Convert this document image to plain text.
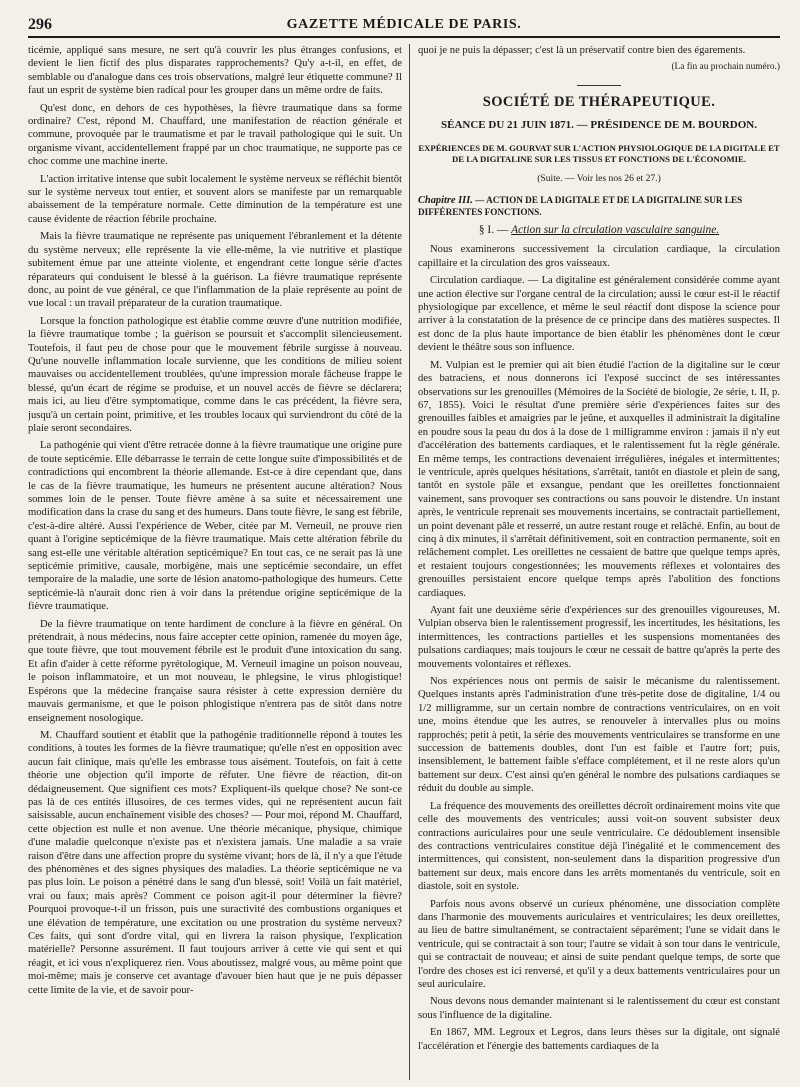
296	GAZETTE MÉDICALE DE PARIS.

ticémie, appliqué sans mesure, ne sert qu'à couvrir les plus étranges confusions, et devient le lien fictif des plus disparates rapprochements? Qu'y a-t-il, en effet, de semblable ou d'analogue dans ces trois observations, malgré leur étiquette commune? Il faut un esprit de système bien radical pour les grouper dans un même ordre de faits.

Qu'est donc, en dehors de ces hypothèses, la fièvre traumatique dans sa forme ordinaire? C'est, répond M. Chauffard, une manifestation de réaction générale et commune, provoquée par le traumatisme et par le travail pathologique qui le suit. Un organisme vivant, accidentellement frappé par un choc traumatique, ne supporte pas ce choc comme une machine inerte.

L'action irritative intense que subit localement le système nerveux se réfléchit bientôt sur le système nerveux tout entier, et souvent alors se manifeste par un remarquable abaissement de la température normale. Cette diminution de la température est une cause évidente de réaction fébrile prochaine.

Mais la fièvre traumatique ne représente pas uniquement l'ébranlement et la détente du système nerveux; elle représente la vie elle-même, la vie nutritive et plastique subitement émue par une atteinte violente, et engendrant cette longue série d'actes réparateurs qui conduisent le blessé à la guérison. La fièvre traumatique représente donc, au point de vue général, ce que l'inflammation de la plaie représente au point de vue local : un travail préparateur de la curation traumatique.

Lorsque la fonction pathologique est établie comme œuvre d'une nutrition modifiée, la fièvre traumatique tombe ; la guérison se poursuit et s'accomplit silencieusement. Toutefois, il faut peu de chose pour que le mouvement fébrile surgisse à nouveau. Qu'une nouvelle inflammation locale survienne, que les conditions de milieu soient mauvaises ou accidentellement troublées, qu'une impression morale fâcheuse frappe le blessé, qu'un écart de régime se produise, et un nouvel accès de fièvre se déclarera; mais ici, au lieu d'être symptomatique, comme dans le cas précédent, la fièvre sera, jusqu'à un certain point, primitive, et les troubles locaux qui surviendront du côté de la plaie seront secondaires.

La pathogénie qui vient d'être retracée donne à la fièvre traumatique une origine pure de toute septicémie. Elle débarrasse le terrain de cette longue suite d'impossibilités et de contradictions qui encombrent la théorie allemande. Est-ce à dire cependant que, dans le cas de la fièvre traumatique, les humeurs ne présentent aucune altération? Nous sommes loin de le penser. Toute fièvre amène à sa suite et nécessairement une modification dans la crase du sang et des humeurs. Dans toute fièvre, le sang est fébrile, c'est-à-dire altéré. Aussi l'expérience de Weber, citée par M. Verneuil, ne prouve rien quant à l'origine septicémique de la fièvre traumatique. Mais cette altération fébrile du sang est-elle une véritable altération septicémique? En tout cas, ce ne serait pas là une septicémie primitive, causale, morbigène, mais une septicémie secondaire, un effet temporaire de la maladie, une sorte de lésion anatomo-pathologique des humeurs. Cette septicémie-là n'aurait donc rien à voir dans la prétendue origine septicémique de la fièvre traumatique.

De la fièvre traumatique on tente hardiment de conclure à la fièvre en général. On prétendrait, à nous médecins, nous faire accepter cette opinion, ramenée du moyen âge, que toute fièvre, que tout mouvement fébrile est le produit d'une intoxication du sang. Et afin d'aider à cette réforme pyrétologique, M. Verneuil imagine un poison nouveau, le poison inflammatoire, et un mot nouveau, le phlegsine, le virus phlogistique! Espérons que la médecine française saura résister à cette expression dernière du mauvais germanisme, et que le poison phlogistique n'entrera pas de sitôt dans notre enseignement nosologique.

M. Chauffard soutient et établit que la pathogénie traditionnelle répond à toutes les conditions, à toutes les formes de la fièvre traumatique; qu'elle n'est en opposition avec aucun fait clinique, mais qu'elle les embrasse tous aisément. Toutefois, on fait à cette théorie une objection qu'il importe de réfuter. Une fièvre de réaction, dit-on dédaigneusement. Que signifient ces mots? Expliquent-ils quelque chose? Ne sont-ce pas là de ces entités illusoires, de ces termes vides, qui ne représentent aucun fait saisissable, aucun enchaînement visible des choses? — Pour moi, répond M. Chauffard, cette objection est nulle et non avenue. Une théorie mécanique, physique, chimique d'une maladie quelconque n'existe pas et n'existera jamais. Une maladie a sa vraie raison d'être dans une affection propre du système vivant; hors de là, il n'y a que l'étude des phénomènes et des signes physiques des maladies. La théorie septicémique ne va pas plus loin. Le poison a pénétré dans le sang d'un blessé, soit! Voilà un fait matériel, vrai ou faux; mais après? Comment ce poison agit-il pour déterminer la fièvre? Pourquoi provoque-t-il un frisson, puis une suractivité des combustions organiques et une élévation de température, une excitation ou une prostration du système nerveux? Ces faits, qui sont d'ordre vital, qui en livrera la raison physique, l'explication matérielle? Personne assurément. Il faut toujours arriver à cette vie qui sent et qui réagit, et ici vous n'expliquerez rien. Vous aboutissez, malgré vous, au même point que moi-même; mais je conserve cet avantage d'avouer bien haut que je ne puis dépasser cette limite de la vie, et de savoir pour-

quoi je ne puis la dépasser; c'est là un préservatif contre bien des égarements.

(La fin au prochain numéro.)
SOCIÉTÉ DE THÉRAPEUTIQUE.
SÉANCE DU 21 JUIN 1871. — PRÉSIDENCE DE M. BOURDON.
EXPÉRIENCES DE M. GOURVAT SUR L'ACTION PHYSIOLOGIQUE DE LA DIGITALE ET DE LA DIGITALINE SUR LES TISSUS ET FONCTIONS DE L'ÉCONOMIE.
(Suite. — Voir les nos 26 et 27.)
Chapitre III. — ACTION DE LA DIGITALE ET DE LA DIGITALINE SUR LES DIFFÉRENTES FONCTIONS.
§ I. — Action sur la circulation vasculaire sanguine.

Nous examinerons successivement la circulation cardiaque, la circulation capillaire et la circulation des gros vaisseaux.

Circulation cardiaque. — La digitaline est généralement considérée comme ayant une action élective sur l'organe central de la circulation; aussi le cœur est-il le réactif physiologique par excellence, et même le seul réactif dont dispose la science pour arriver à la constatation de la présence de ce principe dans des matières suspectes. Il est donc de la plus haute importance de bien établir les phénomènes dont le cœur devient le théâtre sous son influence.

M. Vulpian est le premier qui ait bien étudié l'action de la digitaline sur le cœur des batraciens, et nous donnerons ici l'exposé succinct de ses intéressantes observations sur les grenouilles (Mémoires de la Société de biologie, 2e série, t. II, p. 67, 1855). Voici le résultat d'une première série d'expériences faites sur des grenouilles faibles et amaigries par le jeûne, et auxquelles il administrait la digitaline en poudre sous la peau du dos à la dose de 1 milligramme environ : jamais il n'y eut d'accélération des battements cardiaques, et le ralentissement fut la règle générale. En même temps, les contractions devenaient irrégulières, inégales et intermittentes; le ventricule, après quelques hésitations, s'arrêtait, tantôt en diastole et plein de sang, tantôt en systole pâle et exsangue, pendant que les oreillettes fonctionnaient vainement, sans provoquer ses contractions ou sans pouvoir le distendre. Un instant après, le ventricule reprenait ses mouvements incertains, se contractait partiellement, un point devenant pâle et resserré, un autre restant rouge et relâché. Enfin, au bout de cinq à dix minutes, il s'arrêtait définitivement, soit en contraction permanente, soit en relâchement complet. Les oreillettes ne cessaient de battre que quelque temps après, et restaient toujours congestionnées; les mouvements réflexes et volontaires des grenouilles persistaient encore quelque temps après l'abolition des fonctions cardiaques.

Ayant fait une deuxième série d'expériences sur des grenouilles vigoureuses, M. Vulpian observa bien le ralentissement progressif, les incertitudes, les hésitations, les intermittences, les contractions partielles et les suspensions momentanées des pulsations cardiaques; mais toujours le cœur ne cessait de battre qu'après la perte des mouvements volontaires et réflexes.

Nos expériences nous ont permis de saisir le mécanisme du ralentissement. Quelques instants après l'administration d'une très-petite dose de digitaline, 1/4 ou 1/2 milligramme, sur un certain nombre de contractions ventriculaires, on en voit une, moins étendue que les autres, se renouveler à intervalles plus ou moins rapprochés; petit à petit, la série des mouvements ventriculaires se transforme en une succession de battements doubles, dont l'un est faible et l'autre fort; puis, insensiblement, le battement faible s'efface complétement, et il ne reste alors qu'un battement sur deux. C'est ainsi qu'en général le nombre des pulsations cardiaques se réduit du double au simple.

La fréquence des mouvements des oreillettes décroît ordinairement moins vite que celle des mouvements des ventricules; aussi voit-on souvent subsister deux contractions auriculaires pour une seule ventriculaire. Ce dédoublement insensible des contractions ventriculaires constitue déjà l'inégalité et le commencement des intermittences, qui consistent, non-seulement dans la disparition progressive d'un battement sur deux, mais encore dans les arrêts momentanés du ventricule, soit en diastole, soit en systole.

Parfois nous avons observé un curieux phénomène, une dissociation complète dans l'harmonie des mouvements auriculaires et ventriculaires; les deux oreillettes, au lieu de battre simultanément, se contractaient séparément; l'une se vidait dans le ventricule, qui se contractait à son tour; l'autre se vidait à son tour dans le ventricule, qui se contractait de nouveau; et ainsi de suite pendant quelque temps, de sorte que l'ordre des choses est ici renversé, et qu'il y a deux battements ventriculaires pour un seul auriculaire.

Nous devons nous demander maintenant si le ralentissement du cœur est constant sous l'influence de la digitaline.

En 1867, MM. Legroux et Legros, dans leurs thèses sur la digitale, ont signalé l'accélération et l'énergie des battements cardiaques de la
